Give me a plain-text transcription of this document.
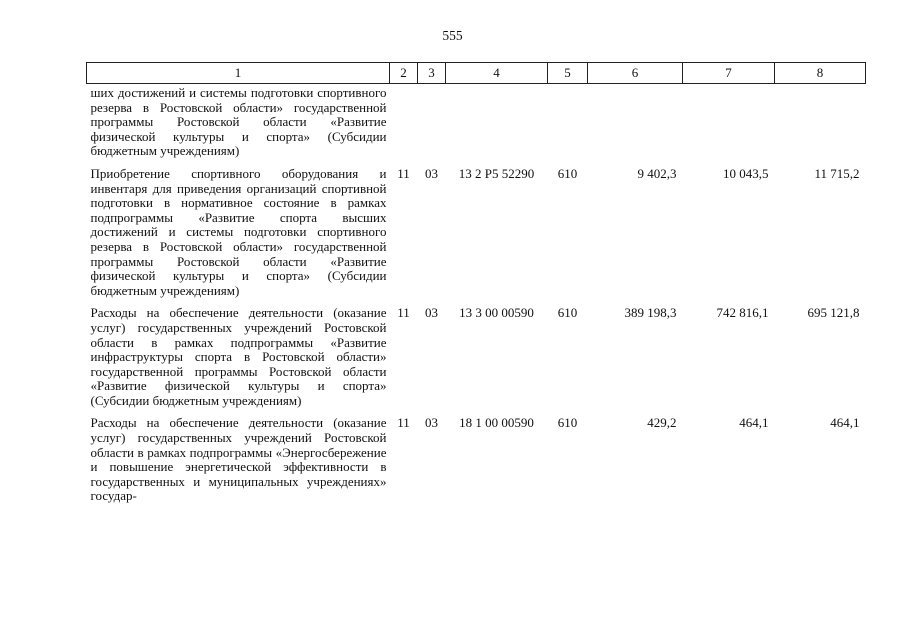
555
1	2	3	4	5	6	7	8
ших достижений и системы подготовки спортивного резерва в Ростовской области» государственной программы Ростовской области «Развитие физической культуры и спорта» (Субсидии бюджетным учреждениям)							
Приобретение спортивного оборудования и инвентаря для приведения организаций спортивной подготовки в нормативное состояние в рамках подпрограммы «Развитие спорта высших достижений и системы подготовки спортивного резерва в Ростовской области» государственной программы Ростовской области «Развитие физической культуры и спорта» (Субсидии бюджетным учреждениям)	11	03	13 2 P5 52290	610	9 402,3	10 043,5	11 715,2
Расходы на обеспечение деятельности (оказание услуг) государственных учреждений Ростовской области в рамках подпрограммы «Развитие инфраструктуры спорта в Ростовской области» государственной программы Ростовской области «Развитие физической культуры и спорта» (Субсидии бюджетным учреждениям)	11	03	13 3 00 00590	610	389 198,3	742 816,1	695 121,8
Расходы на обеспечение деятельности (оказание услуг) государственных учреждений Ростовской области в рамках подпрограммы «Энергосбережение и повышение энергетической эффективности в государственных и муниципальных учреждениях» государ-	11	03	18 1 00 00590	610	429,2	464,1	464,1
